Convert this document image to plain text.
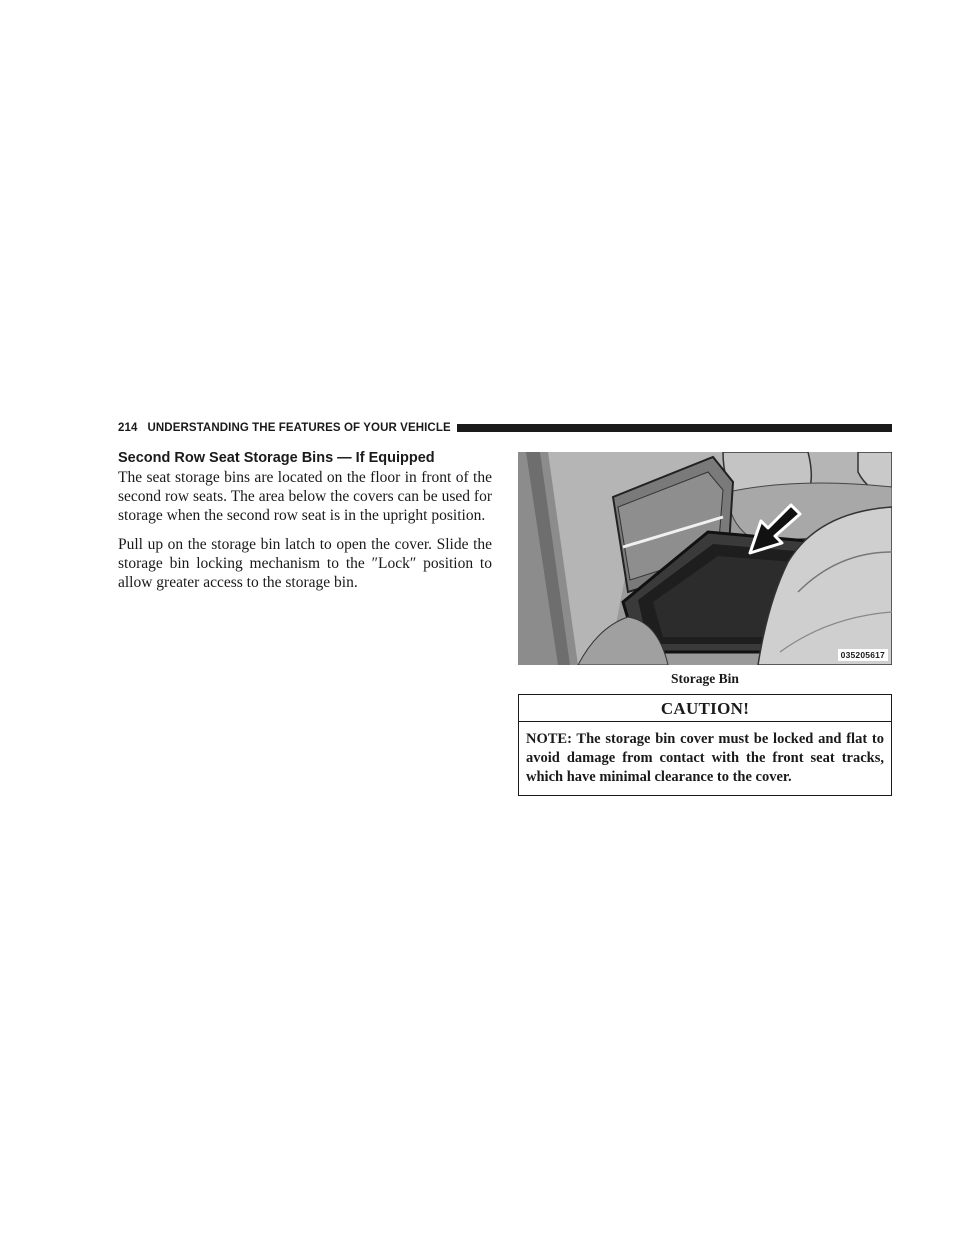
214 UNDERSTANDING THE FEATURES OF YOUR VEHICLE
Second Row Seat Storage Bins — If Equipped

The seat storage bins are located on the floor in front of the second row seats. The area below the covers can be used for storage when the second row seat is in the upright position.

Pull up on the storage bin latch to open the cover. Slide the storage bin locking mechanism to the ″Lock″ position to allow greater access to the storage bin.

035205617
Storage Bin
CAUTION!
NOTE: The storage bin cover must be locked and flat to avoid damage from contact with the front seat tracks, which have minimal clearance to the cover.
